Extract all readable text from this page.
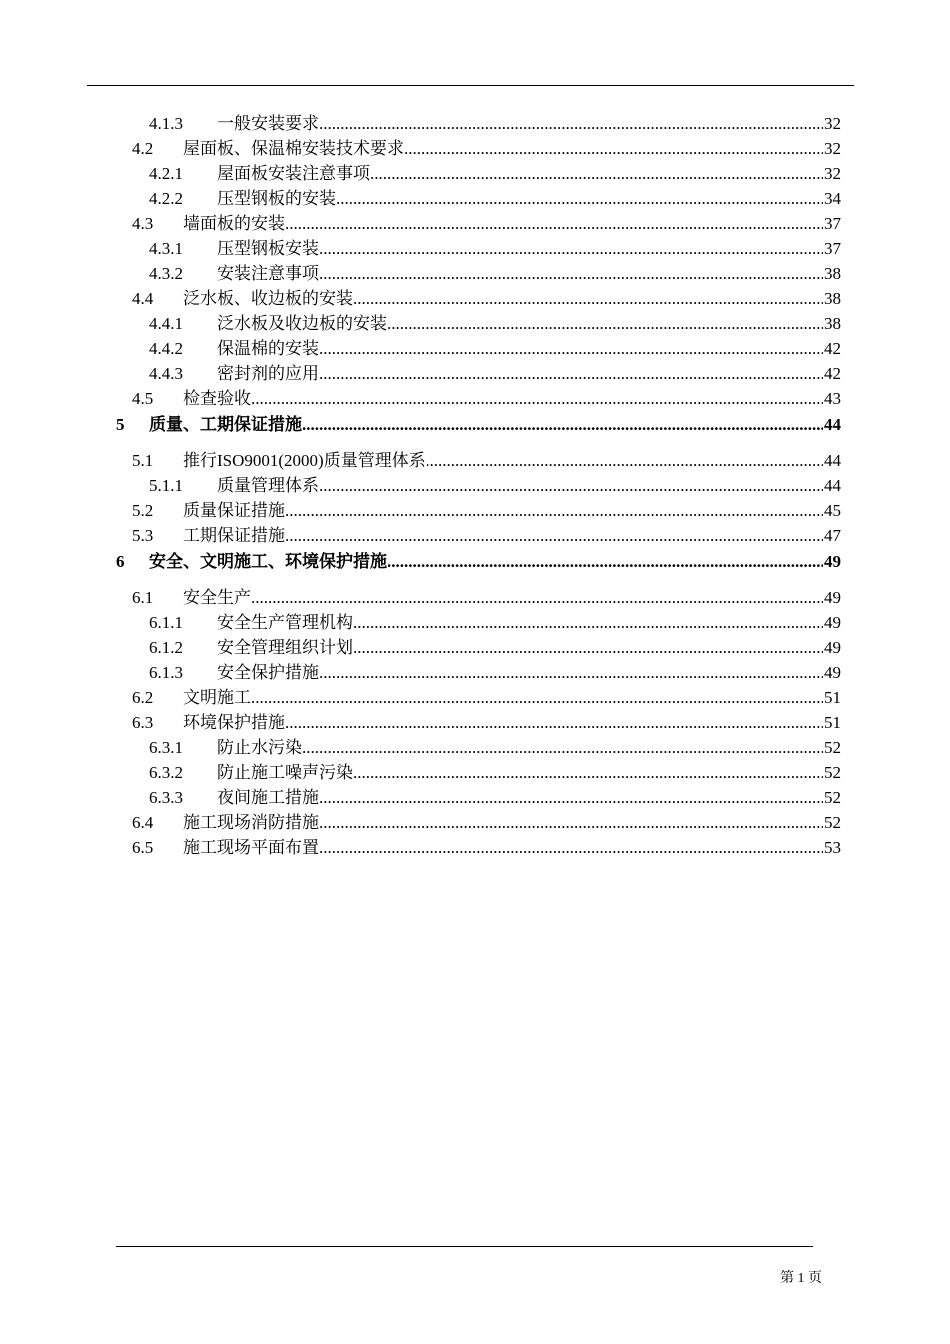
4.1.3 ..... 一般安装要求	32
4.2 ..... 屋面板、保温棉安装技术要求	32
4.2.1 ..... 屋面板安装注意事项	32
4.2.2 ..... 压型钢板的安装	34
4.3 ..... 墙面板的安装	37
4.3.1 ..... 压型钢板安装	37
4.3.2 ..... 安装注意事项	38
4.4 ..... 泛水板、收边板的安装	38
4.4.1 ..... 泛水板及收边板的安装	38
4.4.2 ..... 保温棉的安装	42
4.4.3 ..... 密封剂的应用	42
4.5 ..... 检查验收	43
5 ..... 质量、工期保证措施	44
5.1 ..... 推行ISO9001(2000)质量管理体系	44
5.1.1 ..... 质量管理体系	44
5.2 ..... 质量保证措施	45
5.3 ..... 工期保证措施	47
6 ..... 安全、文明施工、环境保护措施	49
6.1 ..... 安全生产	49
6.1.1 ..... 安全生产管理机构	49
6.1.2 ..... 安全管理组织计划	49
6.1.3 ..... 安全保护措施	49
6.2 ..... 文明施工	51
6.3 ..... 环境保护措施	51
6.3.1 ..... 防止水污染	52
6.3.2 ..... 防止施工噪声污染	52
6.3.3 ..... 夜间施工措施	52
6.4 ..... 施工现场消防措施	52
6.5 ..... 施工现场平面布置	53
第 1 页
